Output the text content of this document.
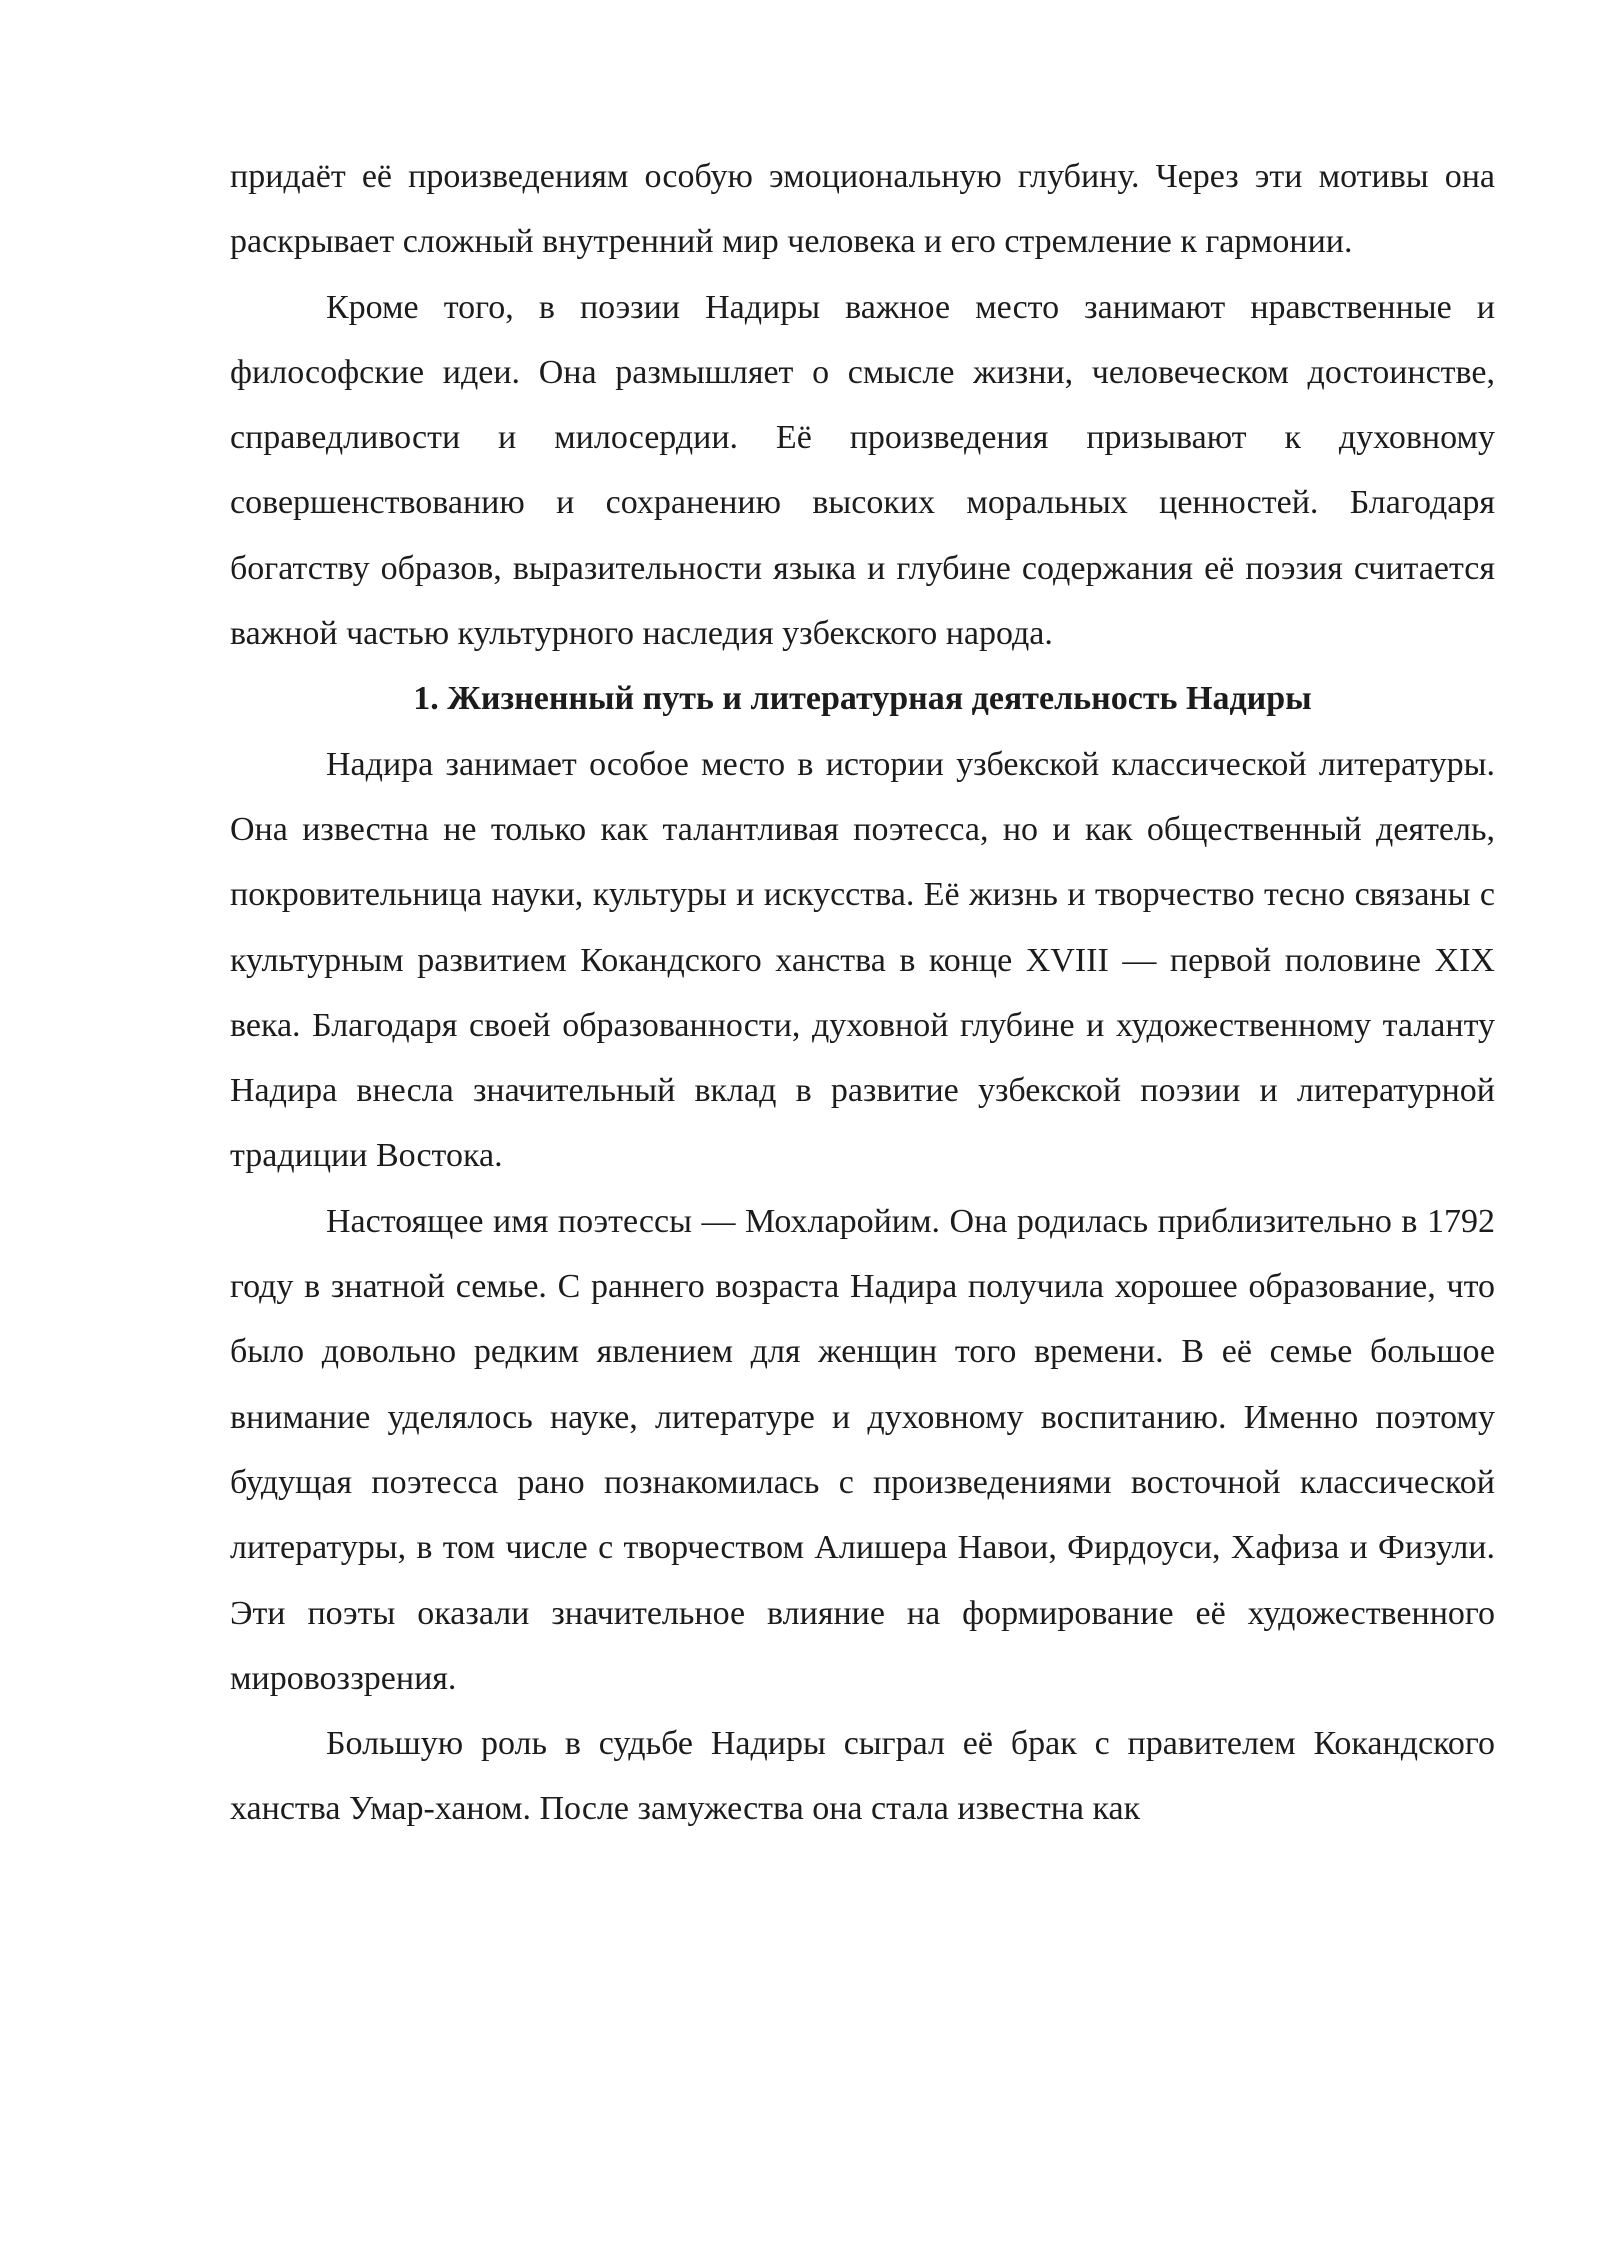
придаёт её произведениям особую эмоциональную глубину. Через эти мотивы она раскрывает сложный внутренний мир человека и его стремление к гармонии.

Кроме того, в поэзии Надиры важное место занимают нравственные и философские идеи. Она размышляет о смысле жизни, человеческом достоинстве, справедливости и милосердии. Её произведения призывают к духовному совершенствованию и сохранению высоких моральных ценностей. Благодаря богатству образов, выразительности языка и глубине содержания её поэзия считается важной частью культурного наследия узбекского народа.

1. Жизненный путь и литературная деятельность Надиры

Надира занимает особое место в истории узбекской классической литературы. Она известна не только как талантливая поэтесса, но и как общественный деятель, покровительница науки, культуры и искусства. Её жизнь и творчество тесно связаны с культурным развитием Кокандского ханства в конце XVIII — первой половине XIX века. Благодаря своей образованности, духовной глубине и художественному таланту Надира внесла значительный вклад в развитие узбекской поэзии и литературной традиции Востока.

Настоящее имя поэтессы — Мохларойим. Она родилась приблизительно в 1792 году в знатной семье. С раннего возраста Надира получила хорошее образование, что было довольно редким явлением для женщин того времени. В её семье большое внимание уделялось науке, литературе и духовному воспитанию. Именно поэтому будущая поэтесса рано познакомилась с произведениями восточной классической литературы, в том числе с творчеством Алишера Навои, Фирдоуси, Хафиза и Физули. Эти поэты оказали значительное влияние на формирование её художественного мировоззрения.

Большую роль в судьбе Надиры сыграл её брак с правителем Кокандского ханства Умар-ханом. После замужества она стала известна как
